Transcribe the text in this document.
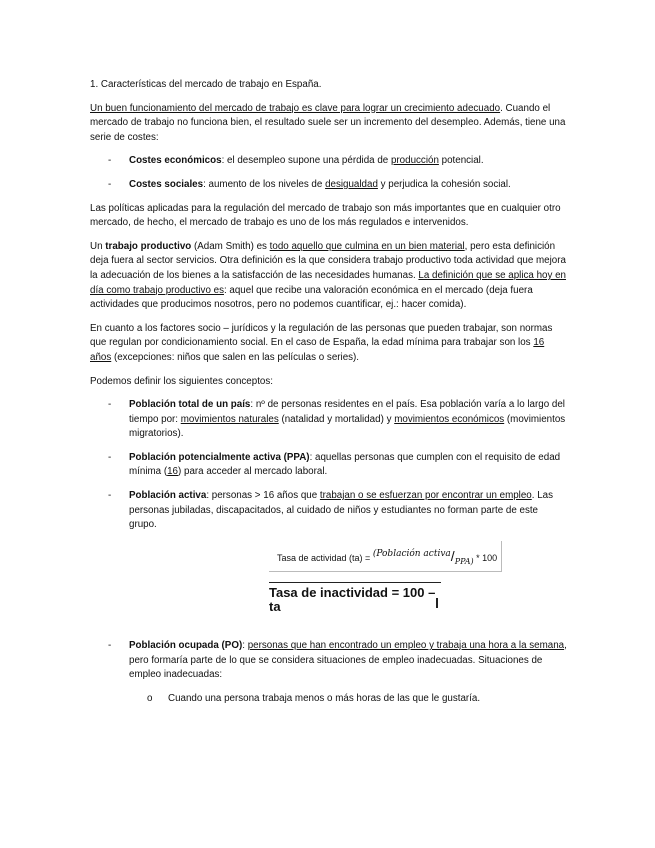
1. Características del mercado de trabajo en España.

Un buen funcionamiento del mercado de trabajo es clave para lograr un crecimiento adecuado. Cuando el mercado de trabajo no funciona bien, el resultado suele ser un incremento del desempleo. Además, tiene una serie de costes:

- Costes económicos: el desempleo supone una pérdida de producción potencial.
- Costes sociales: aumento de los niveles de desigualdad y perjudica la cohesión social.

Las políticas aplicadas para la regulación del mercado de trabajo son más importantes que en cualquier otro mercado, de hecho, el mercado de trabajo es uno de los más regulados e intervenidos.

Un trabajo productivo (Adam Smith) es todo aquello que culmina en un bien material, pero esta definición deja fuera al sector servicios. Otra definición es la que considera trabajo productivo toda actividad que mejora la adecuación de los bienes a la satisfacción de las necesidades humanas. La definición que se aplica hoy en día como trabajo productivo es: aquel que recibe una valoración económica en el mercado (deja fuera actividades que producimos nosotros, pero no podemos cuantificar, ej.: hacer comida).

En cuanto a los factores socio – jurídicos y la regulación de las personas que pueden trabajar, son normas que regulan por condicionamiento social. En el caso de España, la edad mínima para trabajar son los 16 años (excepciones: niños que salen en las películas o series).

Podemos definir los siguientes conceptos:

- Población total de un país: nº de personas residentes en el país. Esa población varía a lo largo del tiempo por: movimientos naturales (natalidad y mortalidad) y movimientos económicos (movimientos migratorios).
- Población potencialmente activa (PPA): aquellas personas que cumplen con el requisito de edad mínima (16) para acceder al mercado laboral.
- Población activa: personas > 16 años que trabajan o se esfuerzan por encontrar un empleo. Las personas jubiladas, discapacitados, al cuidado de niños y estudiantes no forman parte de este grupo.
Tasa de actividad (ta) = (Población activa/PPA) * 100
Tasa de inactividad = 100 – ta
- Población ocupada (PO): personas que han encontrado un empleo y trabaja una hora a la semana, pero formaría parte de lo que se considera situaciones de empleo inadecuadas. Situaciones de empleo inadecuadas:
o Cuando una persona trabaja menos o más horas de las que le gustaría.
